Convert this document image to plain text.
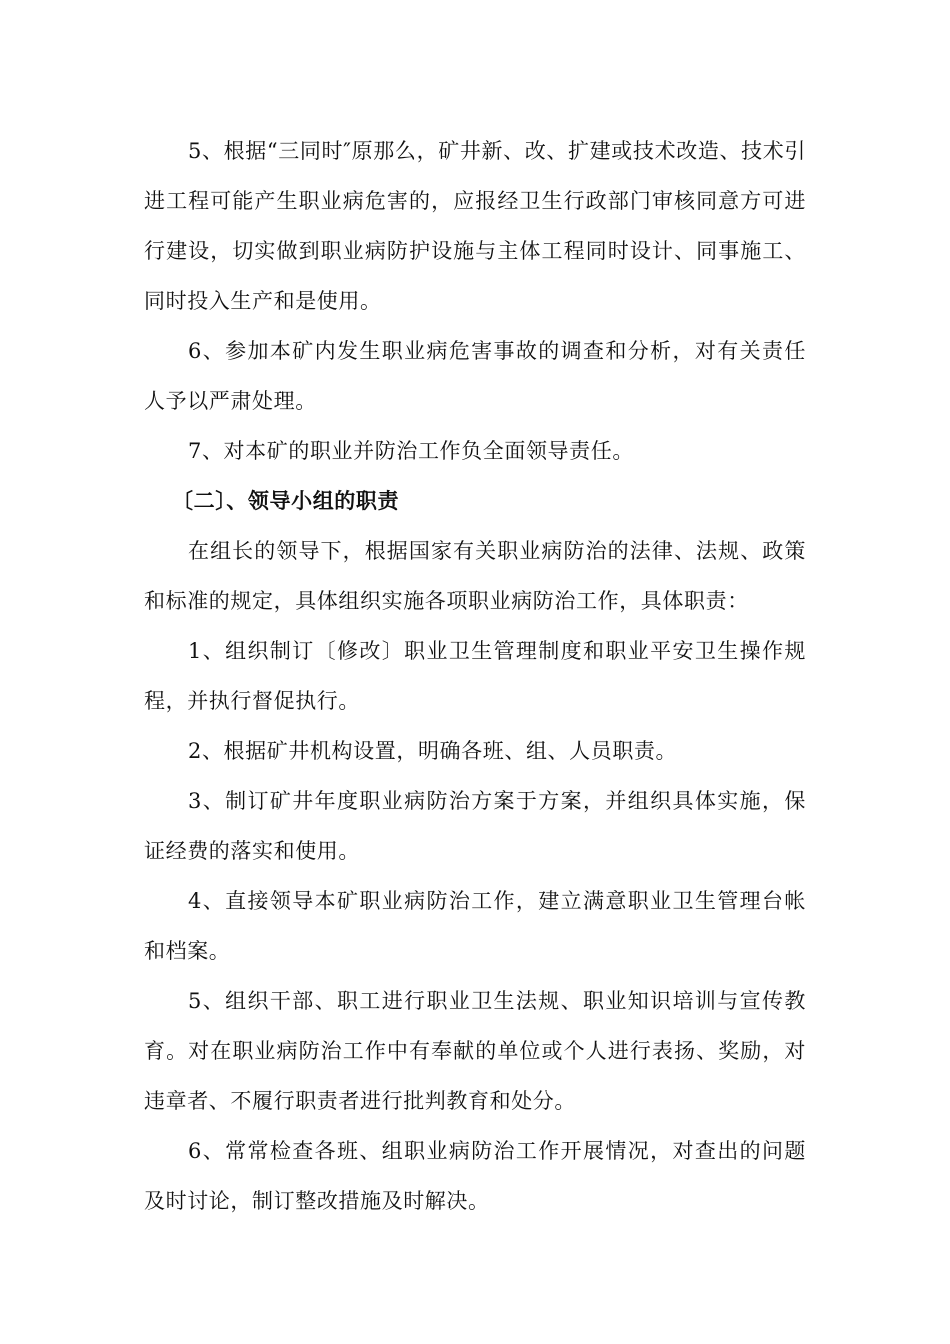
5、根据“三同时″原那么，矿井新、改、扩建或技术改造、技术引进工程可能产生职业病危害的，应报经卫生行政部门审核同意方可进行建设，切实做到职业病防护设施与主体工程同时设计、同事施工、同时投入生产和是使用。

6、参加本矿内发生职业病危害事故的调查和分析，对有关责任人予以严肃处理。

7、对本矿的职业并防治工作负全面领导责任。

〔二〕、领导小组的职责

在组长的领导下，根据国家有关职业病防治的法律、法规、政策和标准的规定，具体组织实施各项职业病防治工作，具体职责：

1、组织制订〔修改〕职业卫生管理制度和职业平安卫生操作规程，并执行督促执行。

2、根据矿井机构设置，明确各班、组、人员职责。

3、制订矿井年度职业病防治方案于方案，并组织具体实施，保证经费的落实和使用。

4、直接领导本矿职业病防治工作，建立满意职业卫生管理台帐和档案。

5、组织干部、职工进行职业卫生法规、职业知识培训与宣传教育。对在职业病防治工作中有奉献的单位或个人进行表扬、奖励，对违章者、不履行职责者进行批判教育和处分。

6、常常检查各班、组职业病防治工作开展情况，对查出的问题及时讨论，制订整改措施及时解决。
